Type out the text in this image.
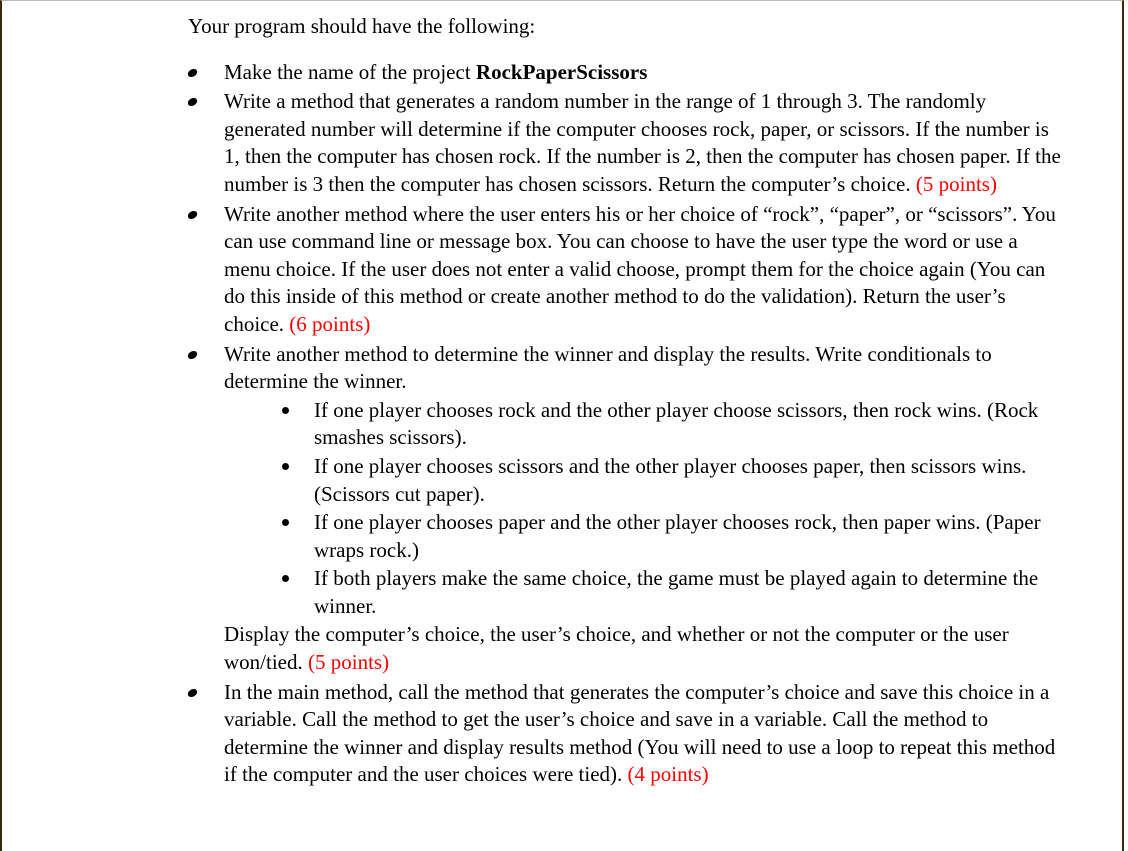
Your program should have the following:

Make the name of the project RockPaperScissors
Write a method that generates a random number in the range of 1 through 3. The randomly generated number will determine if the computer chooses rock, paper, or scissors. If the number is 1, then the computer has chosen rock. If the number is 2, then the computer has chosen paper. If the number is 3 then the computer has chosen scissors. Return the computer’s choice. (5 points)
Write another method where the user enters his or her choice of “rock”, “paper”, or “scissors”. You can use command line or message box. You can choose to have the user type the word or use a menu choice. If the user does not enter a valid choose, prompt them for the choice again (You can do this inside of this method or create another method to do the validation). Return the user’s choice. (6 points)
Write another method to determine the winner and display the results. Write conditionals to determine the winner.
If one player chooses rock and the other player choose scissors, then rock wins. (Rock smashes scissors).
If one player chooses scissors and the other player chooses paper, then scissors wins. (Scissors cut paper).
If one player chooses paper and the other player chooses rock, then paper wins. (Paper wraps rock.)
If both players make the same choice, the game must be played again to determine the winner.
Display the computer’s choice, the user’s choice, and whether or not the computer or the user won/tied. (5 points)
In the main method, call the method that generates the computer’s choice and save this choice in a variable. Call the method to get the user’s choice and save in a variable. Call the method to determine the winner and display results method (You will need to use a loop to repeat this method if the computer and the user choices were tied). (4 points)
